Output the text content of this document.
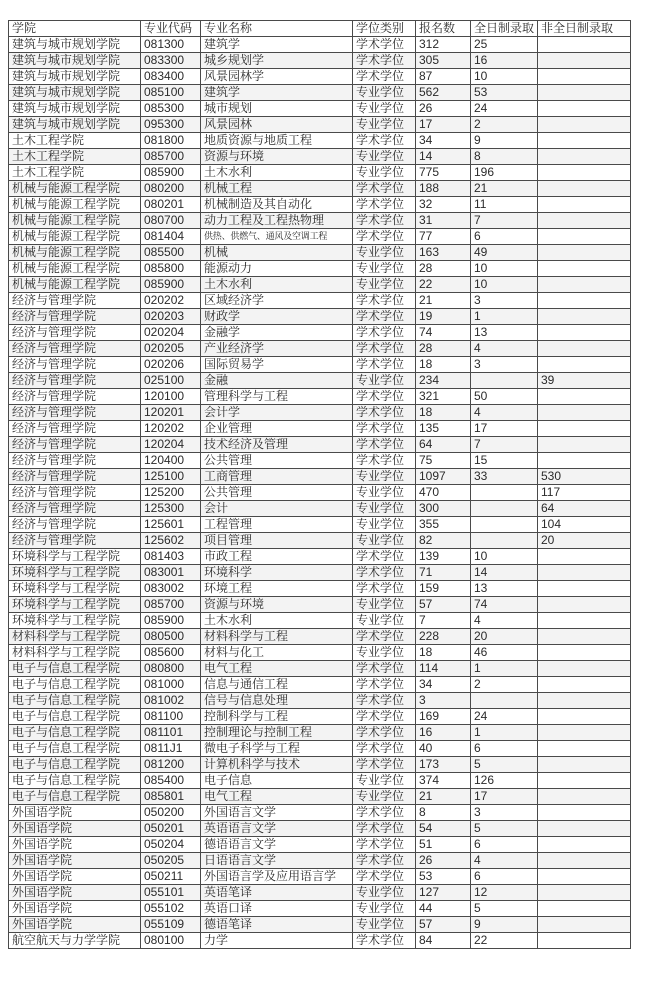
学院	专业代码	专业名称	学位类别	报名数	全日制录取	非全日制录取
建筑与城市规划学院	081300	建筑学	学术学位	312	25	
建筑与城市规划学院	083300	城乡规划学	学术学位	305	16	
建筑与城市规划学院	083400	风景园林学	学术学位	87	10	
建筑与城市规划学院	085100	建筑学	专业学位	562	53	
建筑与城市规划学院	085300	城市规划	专业学位	26	24	
建筑与城市规划学院	095300	风景园林	专业学位	17	2	
土木工程学院	081800	地质资源与地质工程	学术学位	34	9	
土木工程学院	085700	资源与环境	专业学位	14	8	
土木工程学院	085900	土木水利	专业学位	775	196	
机械与能源工程学院	080200	机械工程	学术学位	188	21	
机械与能源工程学院	080201	机械制造及其自动化	学术学位	32	11	
机械与能源工程学院	080700	动力工程及工程热物理	学术学位	31	7	
机械与能源工程学院	081404	供热、供燃气、通风及空调工程	学术学位	77	6	
机械与能源工程学院	085500	机械	专业学位	163	49	
机械与能源工程学院	085800	能源动力	专业学位	28	10	
机械与能源工程学院	085900	土木水利	专业学位	22	10	
经济与管理学院	020202	区域经济学	学术学位	21	3	
经济与管理学院	020203	财政学	学术学位	19	1	
经济与管理学院	020204	金融学	学术学位	74	13	
经济与管理学院	020205	产业经济学	学术学位	28	4	
经济与管理学院	020206	国际贸易学	学术学位	18	3	
经济与管理学院	025100	金融	专业学位	234		39
经济与管理学院	120100	管理科学与工程	学术学位	321	50	
经济与管理学院	120201	会计学	学术学位	18	4	
经济与管理学院	120202	企业管理	学术学位	135	17	
经济与管理学院	120204	技术经济及管理	学术学位	64	7	
经济与管理学院	120400	公共管理	学术学位	75	15	
经济与管理学院	125100	工商管理	专业学位	1097	33	530
经济与管理学院	125200	公共管理	专业学位	470		117
经济与管理学院	125300	会计	专业学位	300		64
经济与管理学院	125601	工程管理	专业学位	355		104
经济与管理学院	125602	项目管理	专业学位	82		20
环境科学与工程学院	081403	市政工程	学术学位	139	10	
环境科学与工程学院	083001	环境科学	学术学位	71	14	
环境科学与工程学院	083002	环境工程	学术学位	159	13	
环境科学与工程学院	085700	资源与环境	专业学位	57	74	
环境科学与工程学院	085900	土木水利	专业学位	7	4	
材料科学与工程学院	080500	材料科学与工程	学术学位	228	20	
材料科学与工程学院	085600	材料与化工	专业学位	18	46	
电子与信息工程学院	080800	电气工程	学术学位	114	1	
电子与信息工程学院	081000	信息与通信工程	学术学位	34	2	
电子与信息工程学院	081002	信号与信息处理	学术学位	3		
电子与信息工程学院	081100	控制科学与工程	学术学位	169	24	
电子与信息工程学院	081101	控制理论与控制工程	学术学位	16	1	
电子与信息工程学院	0811J1	微电子科学与工程	学术学位	40	6	
电子与信息工程学院	081200	计算机科学与技术	学术学位	173	5	
电子与信息工程学院	085400	电子信息	专业学位	374	126	
电子与信息工程学院	085801	电气工程	专业学位	21	17	
外国语学院	050200	外国语言文学	学术学位	8	3	
外国语学院	050201	英语语言文学	学术学位	54	5	
外国语学院	050204	德语语言文学	学术学位	51	6	
外国语学院	050205	日语语言文学	学术学位	26	4	
外国语学院	050211	外国语言学及应用语言学	学术学位	53	6	
外国语学院	055101	英语笔译	专业学位	127	12	
外国语学院	055102	英语口译	专业学位	44	5	
外国语学院	055109	德语笔译	专业学位	57	9	
航空航天与力学学院	080100	力学	学术学位	84	22	
